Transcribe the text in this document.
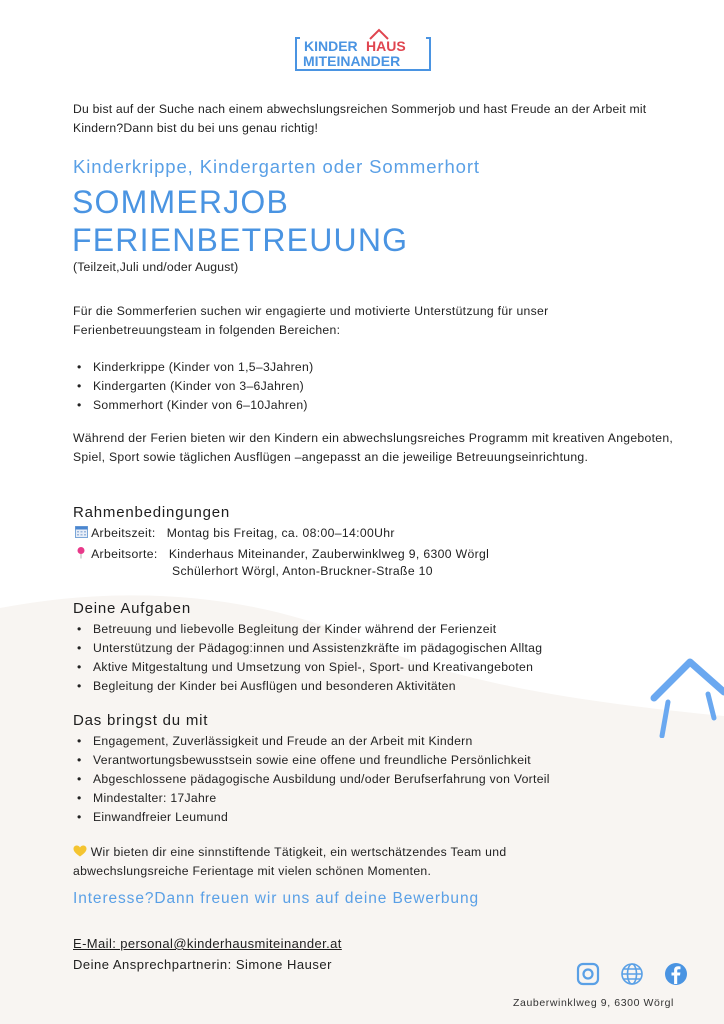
KINDER HAUS
MITEINANDER
Du bist auf der Suche nach einem abwechslungsreichen Sommerjob und hast Freude an der Arbeit mit Kindern?Dann bist du bei uns genau richtig!
Kinderkrippe, Kindergarten oder Sommerhort
SOMMERJOB
FERIENBETREUUNG
(Teilzeit,Juli und/oder August)
Für die Sommerferien suchen wir engagierte und motivierte Unterstützung für unser Ferienbetreuungsteam in folgenden Bereichen:
• Kinderkrippe (Kinder von 1,5–3Jahren)
• Kindergarten (Kinder von 3–6Jahren)
• Sommerhort (Kinder von 6–10Jahren)
Während der Ferien bieten wir den Kindern ein abwechslungsreiches Programm mit kreativen Angeboten, Spiel, Sport sowie täglichen Ausflügen –angepasst an die jeweilige Betreuungseinrichtung.
Rahmenbedingungen
Arbeitszeit: Montag bis Freitag, ca. 08:00–14:00Uhr
Arbeitsorte: Kinderhaus Miteinander, Zauberwinklweg 9, 6300 Wörgl
Schülerhort Wörgl, Anton-Bruckner-Straße 10
Deine Aufgaben
• Betreuung und liebevolle Begleitung der Kinder während der Ferienzeit
• Unterstützung der Pädagog:innen und Assistenzkräfte im pädagogischen Alltag
• Aktive Mitgestaltung und Umsetzung von Spiel-, Sport- und Kreativangeboten
• Begleitung der Kinder bei Ausflügen und besonderen Aktivitäten
Das bringst du mit
• Engagement, Zuverlässigkeit und Freude an der Arbeit mit Kindern
• Verantwortungsbewusstsein sowie eine offene und freundliche Persönlichkeit
• Abgeschlossene pädagogische Ausbildung und/oder Berufserfahrung von Vorteil
• Mindestalter: 17Jahre
• Einwandfreier Leumund
Wir bieten dir eine sinnstiftende Tätigkeit, ein wertschätzendes Team und abwechslungsreiche Ferientage mit vielen schönen Momenten.
Interesse?Dann freuen wir uns auf deine Bewerbung
E-Mail: personal@kinderhausmiteinander.at
Deine Ansprechpartnerin: Simone Hauser
Zauberwinklweg 9, 6300 Wörgl
